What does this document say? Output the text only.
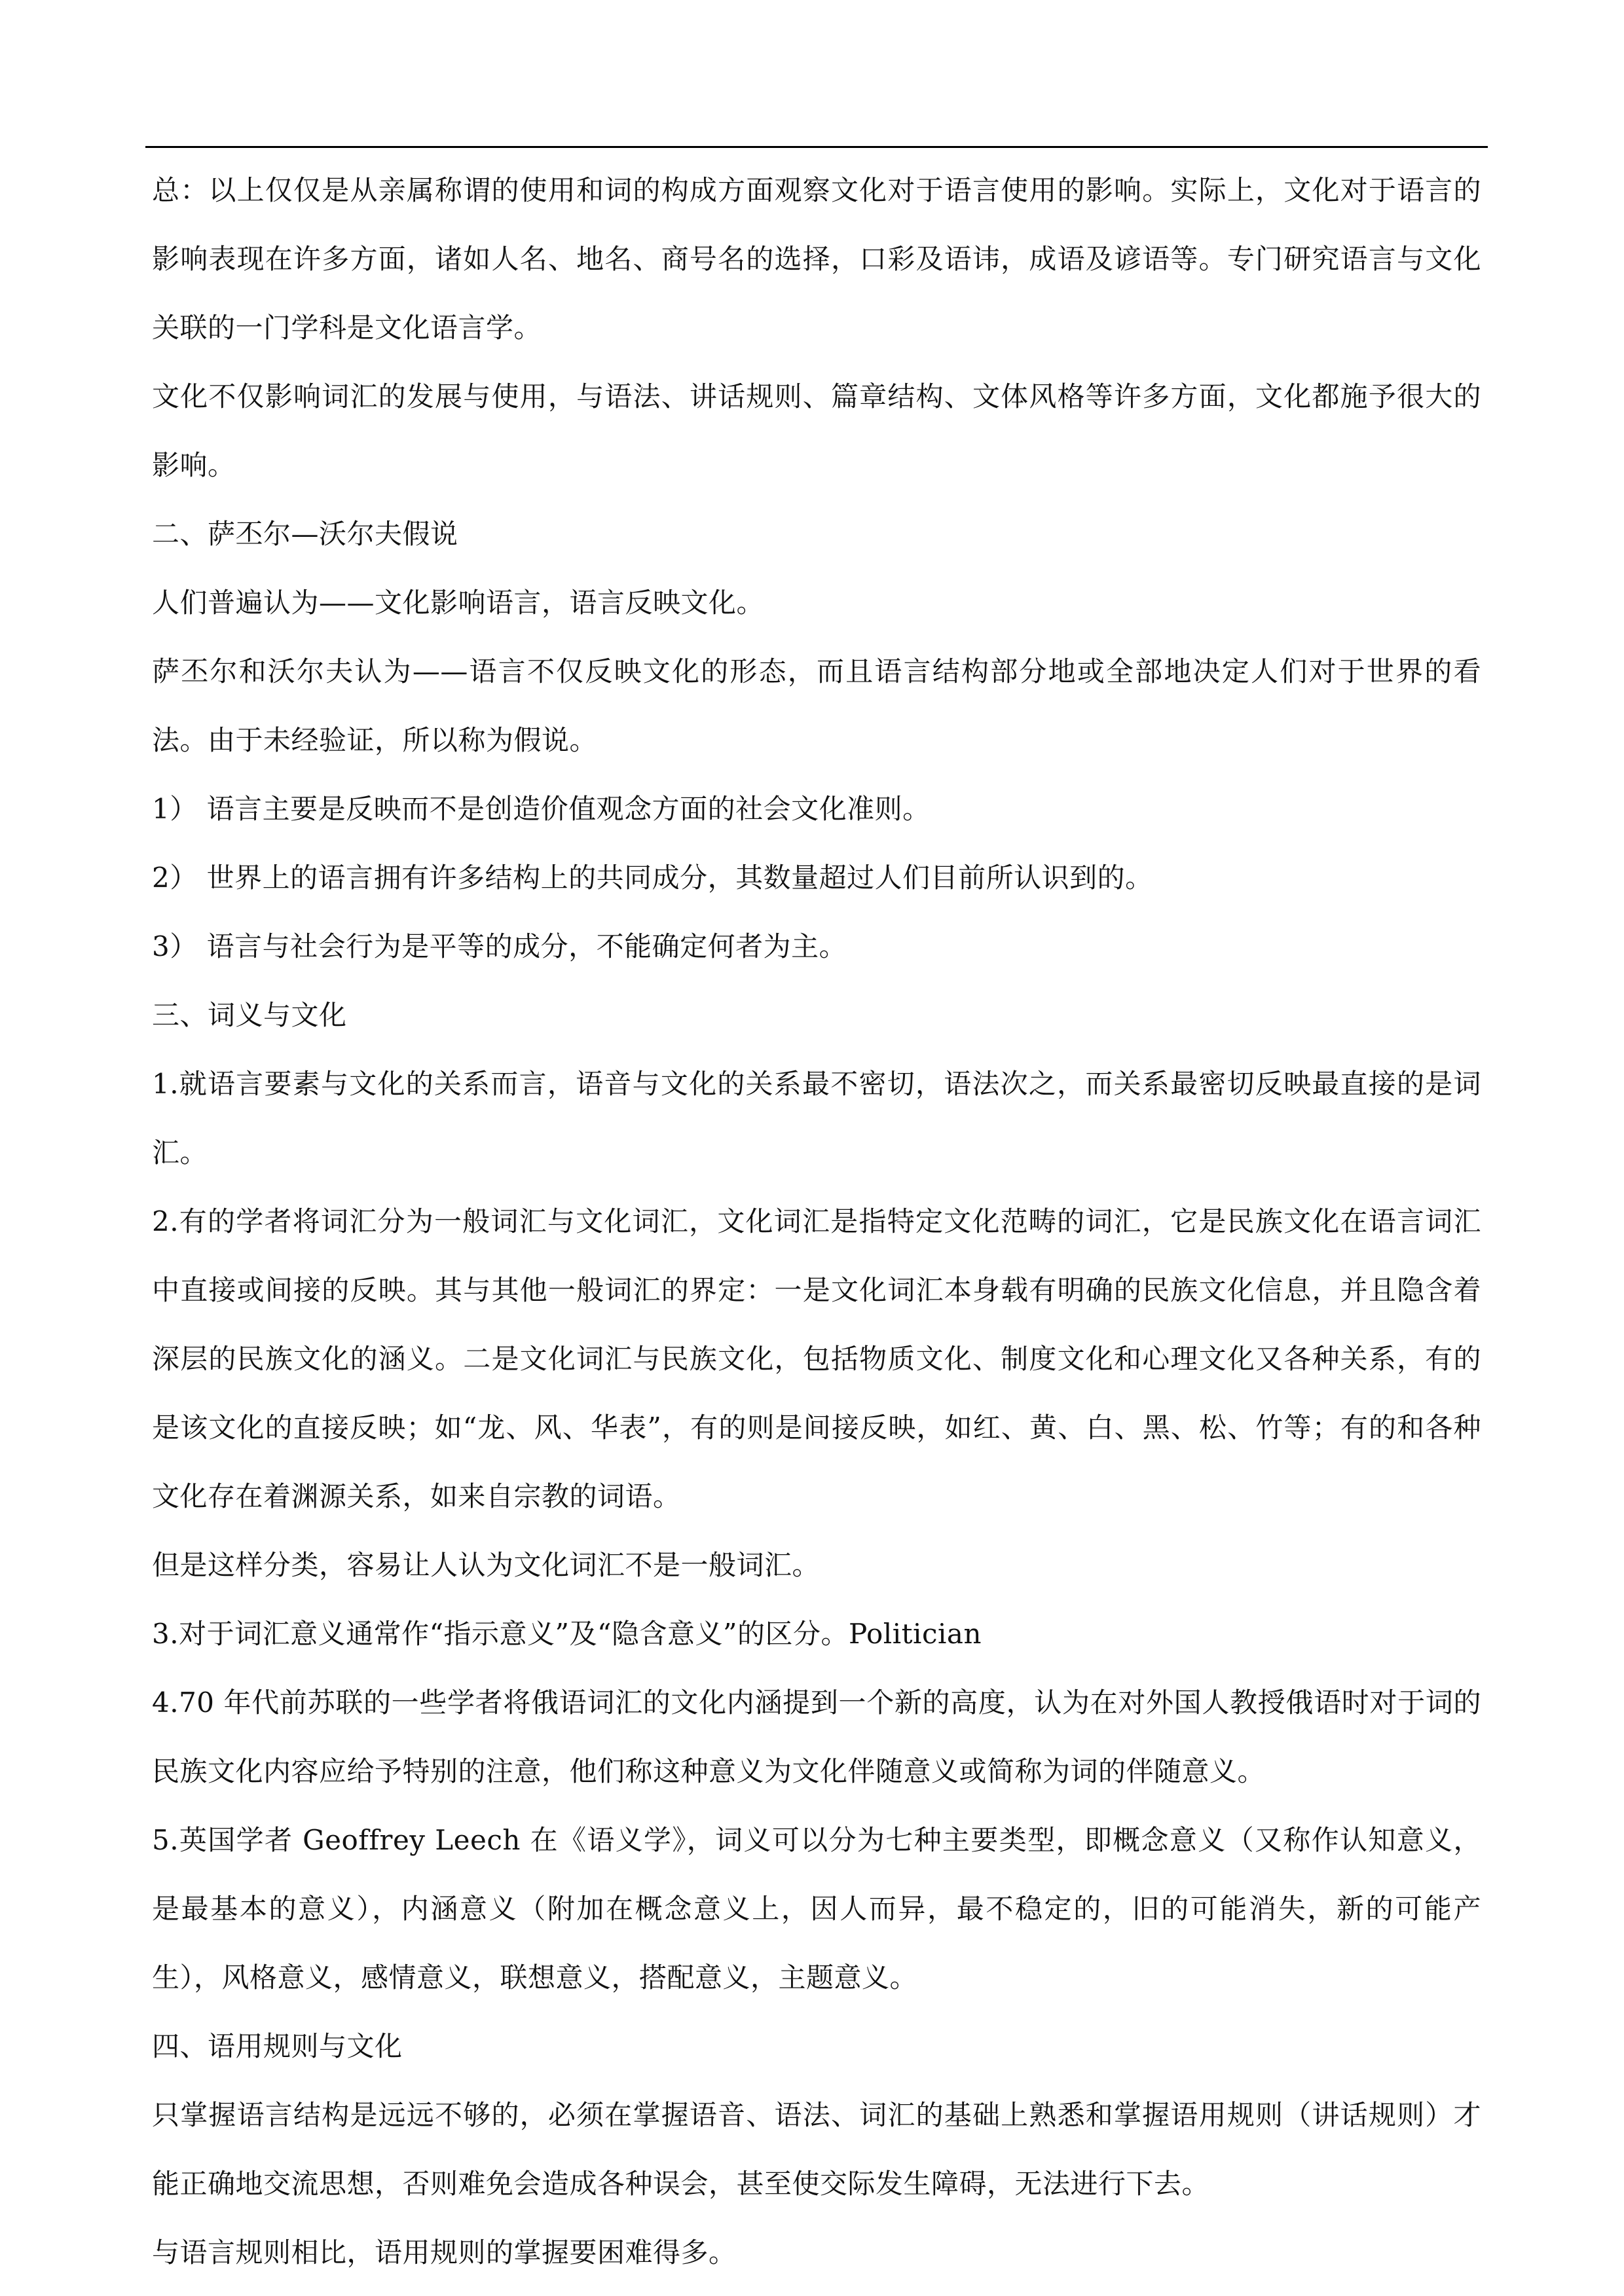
总：以上仅仅是从亲属称谓的使用和词的构成方面观察文化对于语言使用的影响。实际上，文化对于语言的影响表现在许多方面，诸如人名、地名、商号名的选择，口彩及语讳，成语及谚语等。专门研究语言与文化关联的一门学科是文化语言学。

文化不仅影响词汇的发展与使用，与语法、讲话规则、篇章结构、文体风格等许多方面，文化都施予很大的影响。

二、萨丕尔—沃尔夫假说

人们普遍认为——文化影响语言，语言反映文化。

萨丕尔和沃尔夫认为——语言不仅反映文化的形态，而且语言结构部分地或全部地决定人们对于世界的看法。由于未经验证，所以称为假说。

1） 语言主要是反映而不是创造价值观念方面的社会文化准则。

2） 世界上的语言拥有许多结构上的共同成分，其数量超过人们目前所认识到的。

3） 语言与社会行为是平等的成分，不能确定何者为主。

三、词义与文化

1.就语言要素与文化的关系而言，语音与文化的关系最不密切，语法次之，而关系最密切反映最直接的是词汇。

2.有的学者将词汇分为一般词汇与文化词汇，文化词汇是指特定文化范畴的词汇，它是民族文化在语言词汇中直接或间接的反映。其与其他一般词汇的界定：一是文化词汇本身载有明确的民族文化信息，并且隐含着深层的民族文化的涵义。二是文化词汇与民族文化，包括物质文化、制度文化和心理文化又各种关系，有的是该文化的直接反映；如“龙、风、华表”，有的则是间接反映，如红、黄、白、黑、松、竹等；有的和各种文化存在着渊源关系，如来自宗教的词语。

但是这样分类，容易让人认为文化词汇不是一般词汇。

3.对于词汇意义通常作“指示意义”及“隐含意义”的区分。Politician

4.70 年代前苏联的一些学者将俄语词汇的文化内涵提到一个新的高度，认为在对外国人教授俄语时对于词的民族文化内容应给予特别的注意，他们称这种意义为文化伴随意义或简称为词的伴随意义。

5.英国学者 Geoffrey Leech 在《语义学》，词义可以分为七种主要类型，即概念意义（又称作认知意义，是最基本的意义），内涵意义（附加在概念意义上，因人而异，最不稳定的，旧的可能消失，新的可能产生），风格意义，感情意义，联想意义，搭配意义，主题意义。

四、语用规则与文化

只掌握语言结构是远远不够的，必须在掌握语音、语法、词汇的基础上熟悉和掌握语用规则（讲话规则）才能正确地交流思想，否则难免会造成各种误会，甚至使交际发生障碍，无法进行下去。

与语言规则相比，语用规则的掌握要困难得多。
